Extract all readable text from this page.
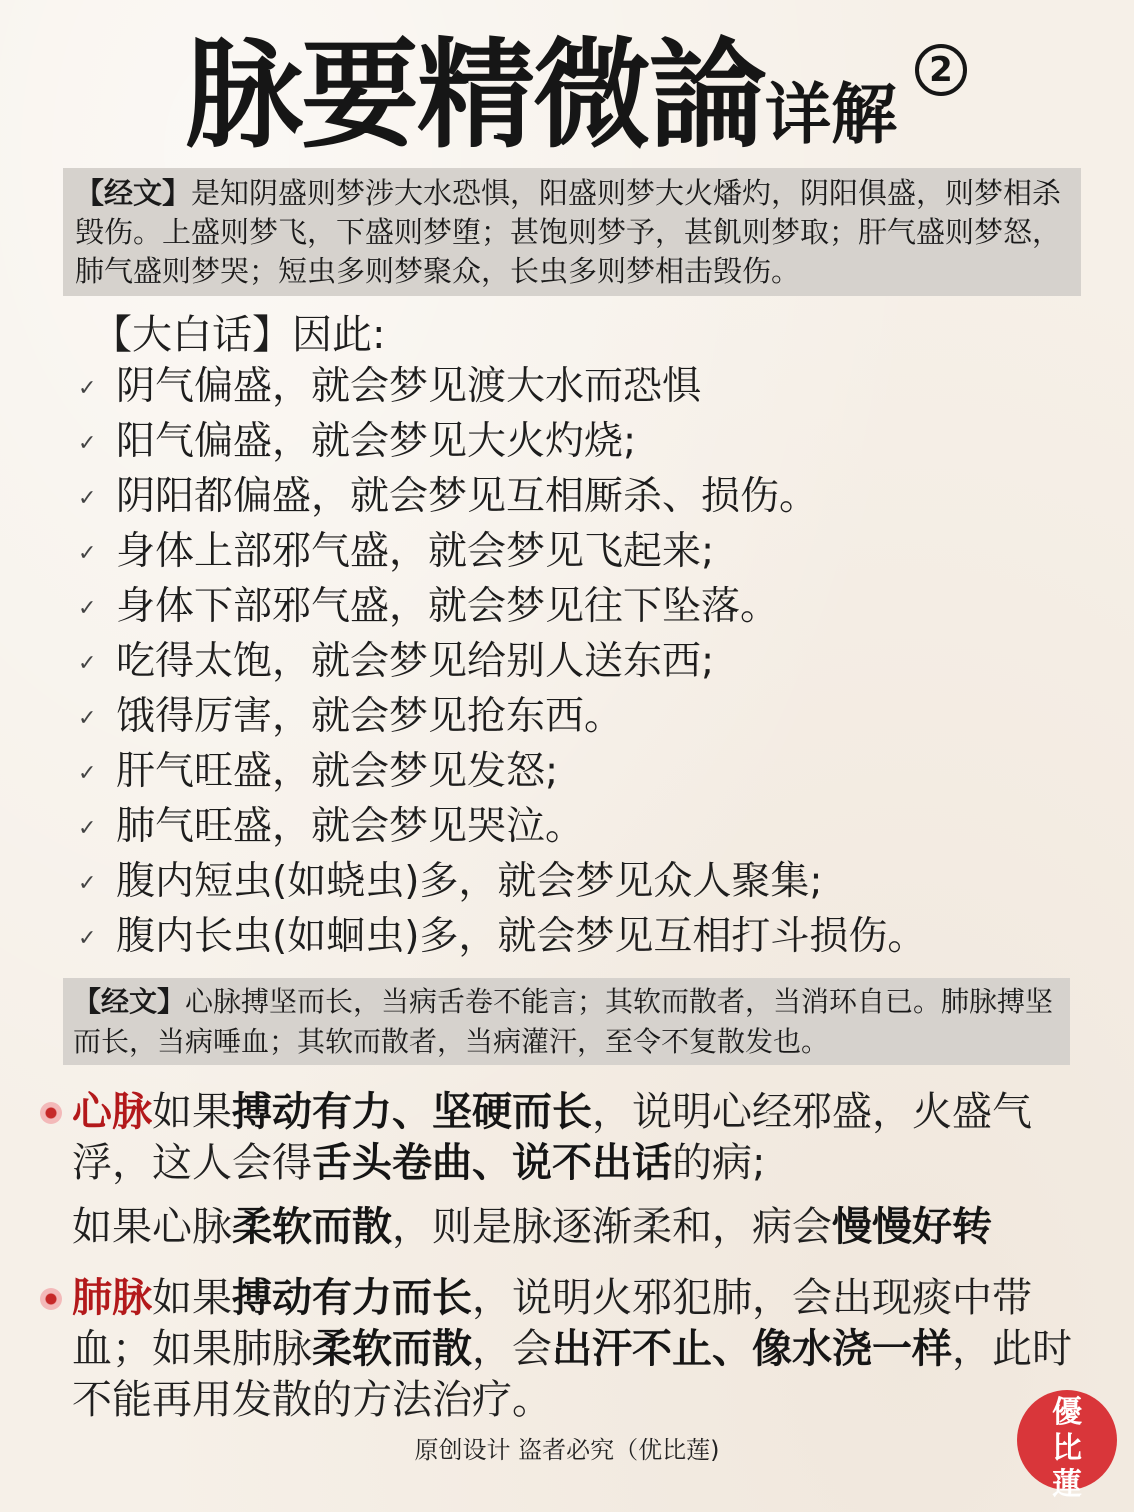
脉要精微論 详解
2
【经文】是知阴盛则梦涉大水恐惧，阳盛则梦大火燔灼，阴阳俱盛，则梦相杀毁伤。上盛则梦飞，下盛则梦堕；甚饱则梦予，甚飢则梦取；肝气盛则梦怒，肺气盛则梦哭；短虫多则梦聚众，长虫多则梦相击毁伤。
【大白话】因此:
✓ 阴气偏盛，就会梦见渡大水而恐惧
✓ 阳气偏盛，就会梦见大火灼烧;
✓ 阴阳都偏盛，就会梦见互相厮杀、损伤。
✓ 身体上部邪气盛，就会梦见飞起来;
✓ 身体下部邪气盛，就会梦见往下坠落。
✓ 吃得太饱，就会梦见给别人送东西;
✓ 饿得厉害，就会梦见抢东西。
✓ 肝气旺盛，就会梦见发怒;
✓ 肺气旺盛，就会梦见哭泣。
✓ 腹内短虫(如蛲虫)多，就会梦见众人聚集;
✓ 腹内长虫(如蛔虫)多，就会梦见互相打斗损伤。
【经文】心脉搏坚而长，当病舌卷不能言；其软而散者，当消环自已。肺脉搏坚而长，当病唾血；其软而散者，当病灌汗，至令不复散发也。
心脉如果搏动有力、坚硬而长，说明心经邪盛，火盛气浮，这人会得舌头卷曲、说不出话的病;
如果心脉柔软而散，则是脉逐渐柔和，病会慢慢好转
肺脉如果搏动有力而长，说明火邪犯肺，会出现痰中带血；如果肺脉柔软而散，会出汗不止、像水浇一样，此时不能再用发散的方法治疗。
原创设计 盗者必究（优比莲)
優
比
蓮
